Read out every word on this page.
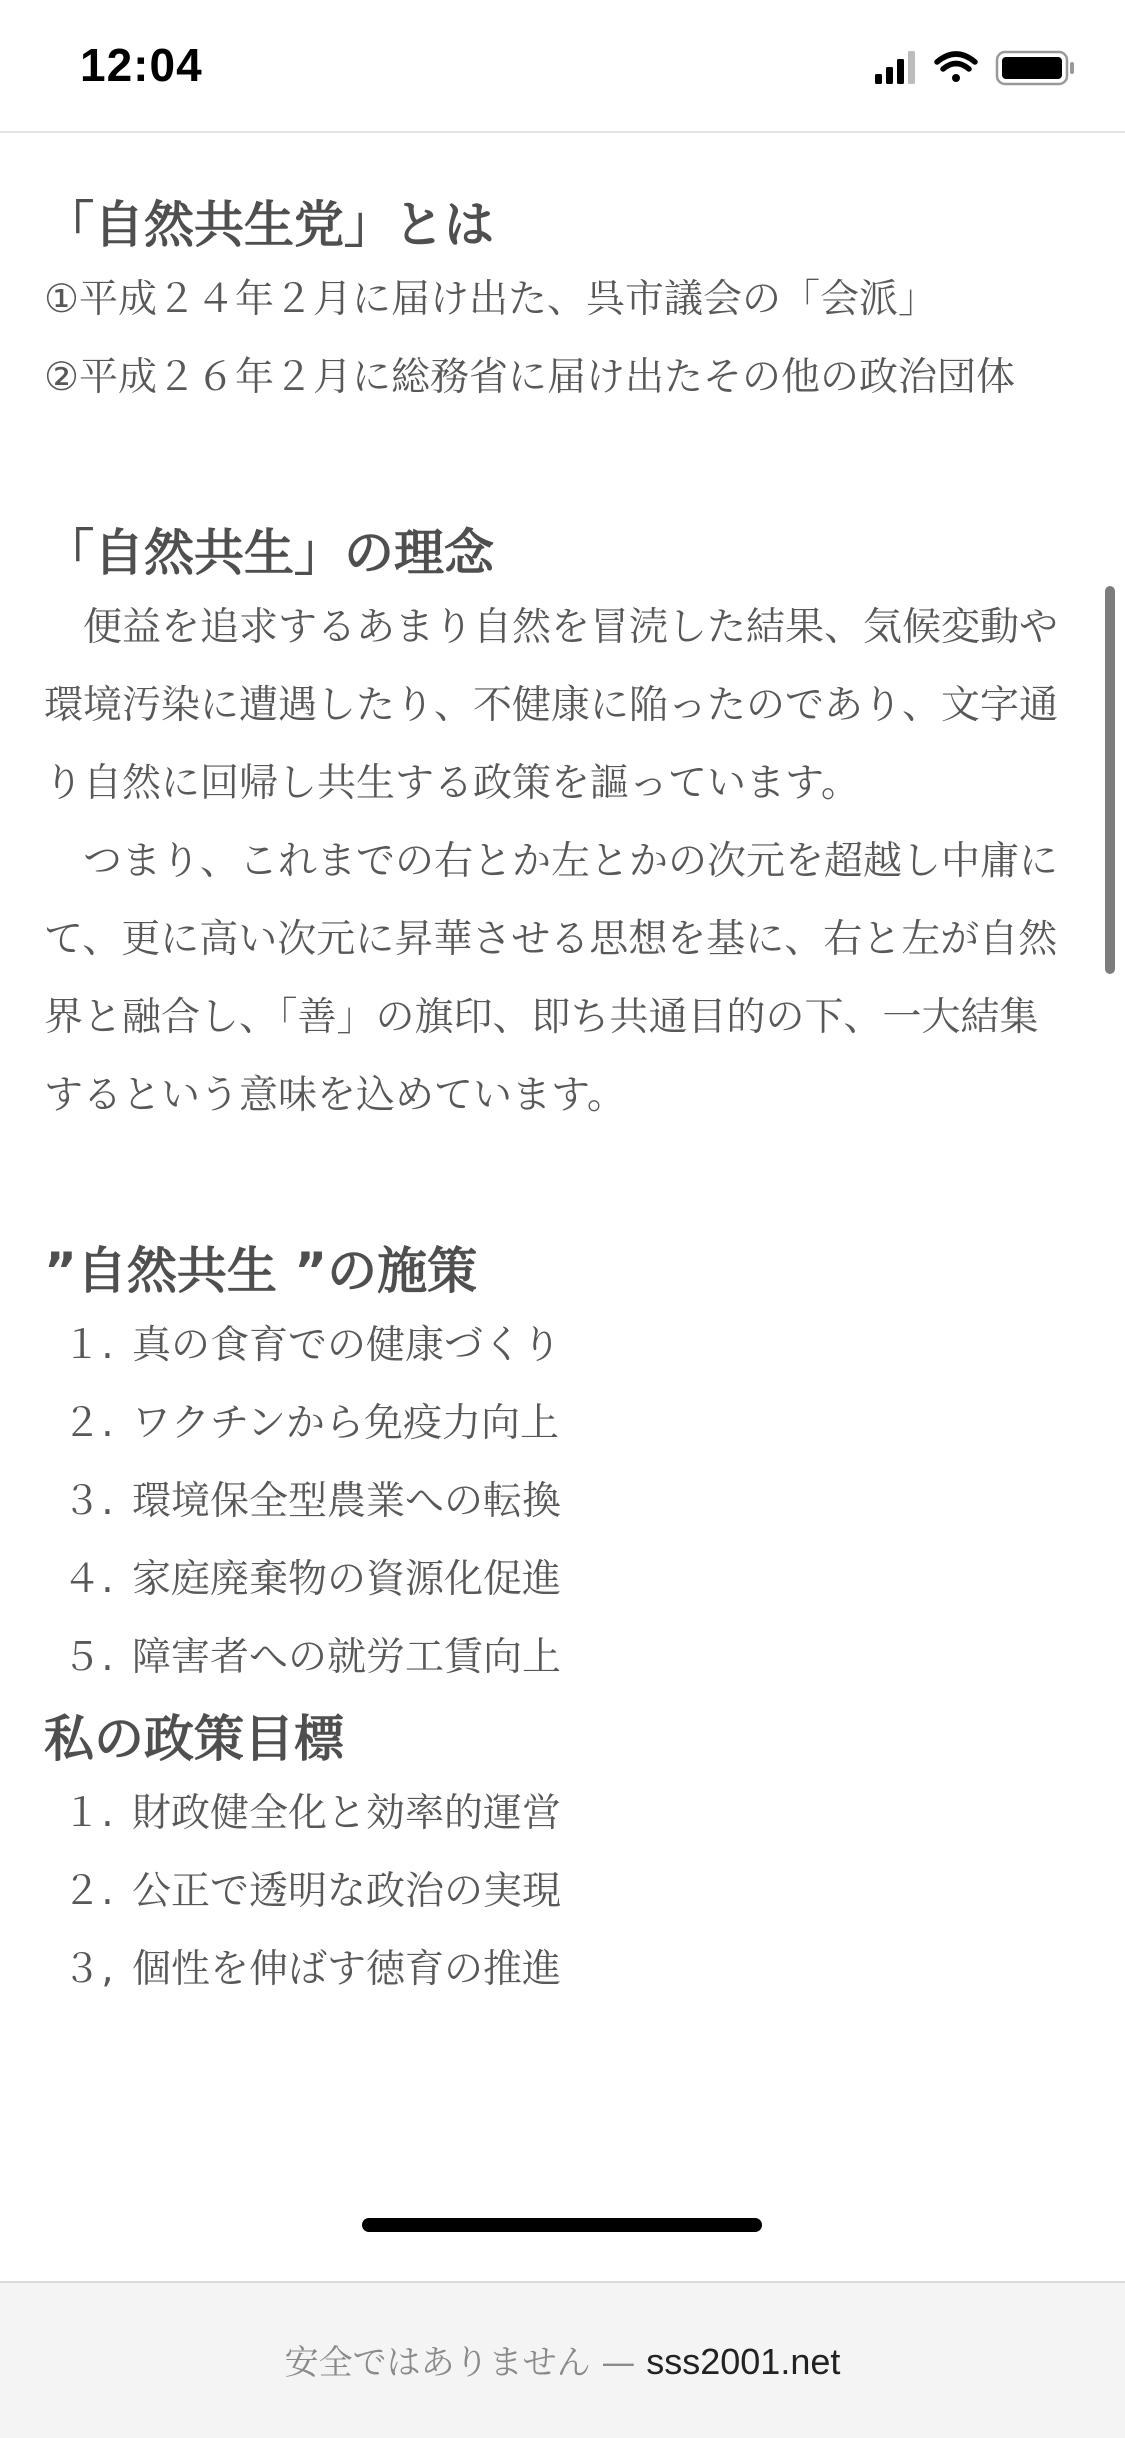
12:04
「自然共生党」とは

①平成２４年２月に届け出た、呉市議会の「会派」

②平成２６年２月に総務省に届け出たその他の政治団体

「自然共生」の理念

便益を追求するあまり自然を冒涜した結果、気候変動や環境汚染に遭遇したり、不健康に陥ったのであり、文字通り自然に回帰し共生する政策を謳っています。

つまり、これまでの右とか左とかの次元を超越し中庸にて、更に高い次元に昇華させる思想を基に、右と左が自然界と融合し、「善」の旗印、即ち共通目的の下、一大結集するという意味を込めています。

”自然共生 ”の施策
１. 真の食育での健康づくり
２. ワクチンから免疫力向上
３. 環境保全型農業への転換
４. 家庭廃棄物の資源化促進
５. 障害者への就労工賃向上
私の政策目標
１. 財政健全化と効率的運営
２. 公正で透明な政治の実現
３, 個性を伸ばす徳育の推進
安全ではありません — sss2001.net
